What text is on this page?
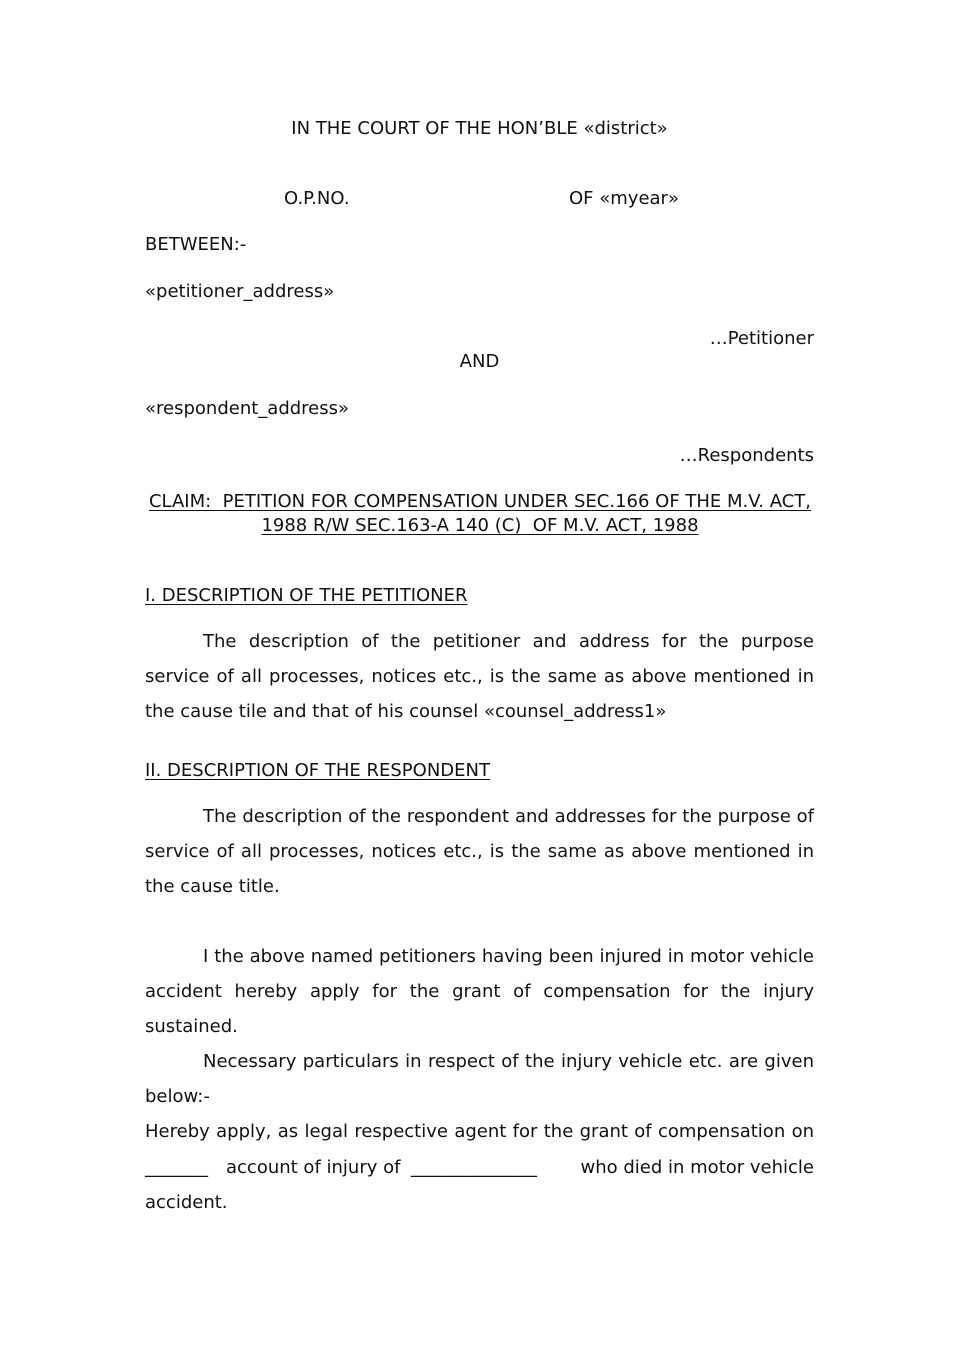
IN THE COURT OF THE HON’BLE «district»
O.P.NO.	OF «myear»
BETWEEN:-
«petitioner_address»
…Petitioner
AND
«respondent_address»
…Respondents
CLAIM:  PETITION FOR COMPENSATION UNDER SEC.166 OF THE M.V. ACT,
1988 R/W SEC.163-A 140 (C)  OF M.V. ACT, 1988
I. DESCRIPTION OF THE PETITIONER
The description of the petitioner and address for the purpose service of all processes, notices etc., is the same as above mentioned in the cause tile and that of his counsel «counsel_address1»
II. DESCRIPTION OF THE RESPONDENT
The description of the respondent and addresses for the purpose of service of all processes, notices etc., is the same as above mentioned in the cause title.
I the above named petitioners having been injured in motor vehicle accident hereby apply for the grant of compensation for the injury sustained.
Necessary particulars in respect of the injury vehicle etc. are given below:-
Hereby apply, as legal respective agent for the grant of compensation on
_______ account of injury of ______________	who died in motor vehicle
accident.
